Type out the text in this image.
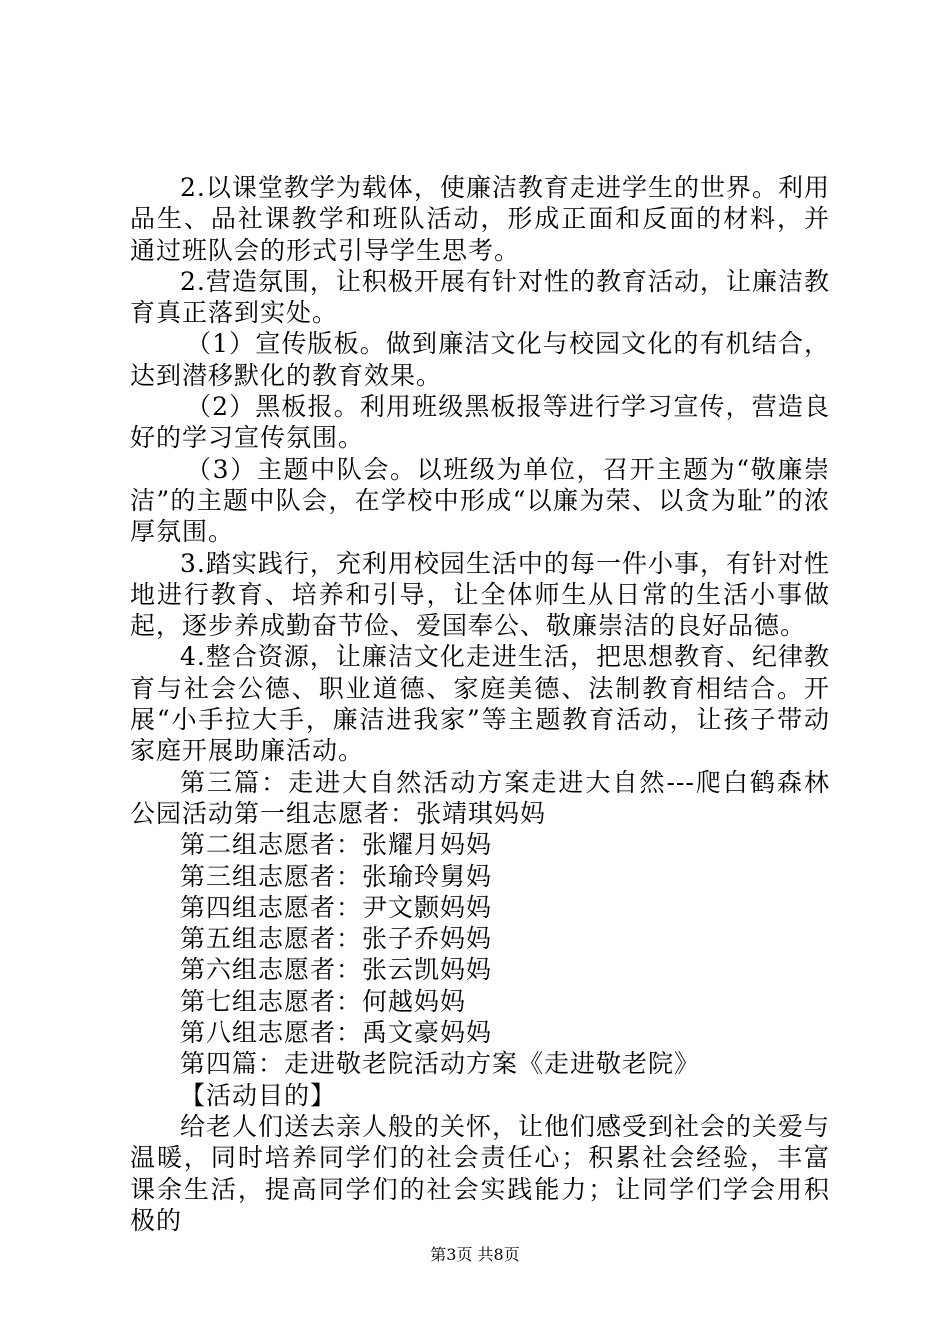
2.以课堂教学为载体，使廉洁教育走进学生的世界。利用品生、品社课教学和班队活动，形成正面和反面的材料，并通过班队会的形式引导学生思考。

2.营造氛围，让积极开展有针对性的教育活动，让廉洁教育真正落到实处。

（1）宣传版板。做到廉洁文化与校园文化的有机结合，达到潜移默化的教育效果。

（2）黑板报。利用班级黑板报等进行学习宣传，营造良好的学习宣传氛围。

（3）主题中队会。以班级为单位，召开主题为“敬廉崇洁”的主题中队会，在学校中形成“以廉为荣、以贪为耻”的浓厚氛围。

3.踏实践行，充利用校园生活中的每一件小事，有针对性地进行教育、培养和引导，让全体师生从日常的生活小事做起，逐步养成勤奋节俭、爱国奉公、敬廉崇洁的良好品德。

4.整合资源，让廉洁文化走进生活，把思想教育、纪律教育与社会公德、职业道德、家庭美德、法制教育相结合。开展“小手拉大手，廉洁进我家”等主题教育活动，让孩子带动家庭开展助廉活动。

第三篇：走进大自然活动方案走进大自然---爬白鹤森林公园活动第一组志愿者：张靖琪妈妈

第二组志愿者：张耀月妈妈

第三组志愿者：张瑜玲舅妈

第四组志愿者：尹文颢妈妈

第五组志愿者：张子乔妈妈

第六组志愿者：张云凯妈妈

第七组志愿者：何越妈妈

第八组志愿者：禹文豪妈妈

第四篇：走进敬老院活动方案《走进敬老院》

【活动目的】

给老人们送去亲人般的关怀，让他们感受到社会的关爱与温暖，同时培养同学们的社会责任心；积累社会经验，丰富课余生活，提高同学们的社会实践能力；让同学们学会用积极的

第3页 共8页
